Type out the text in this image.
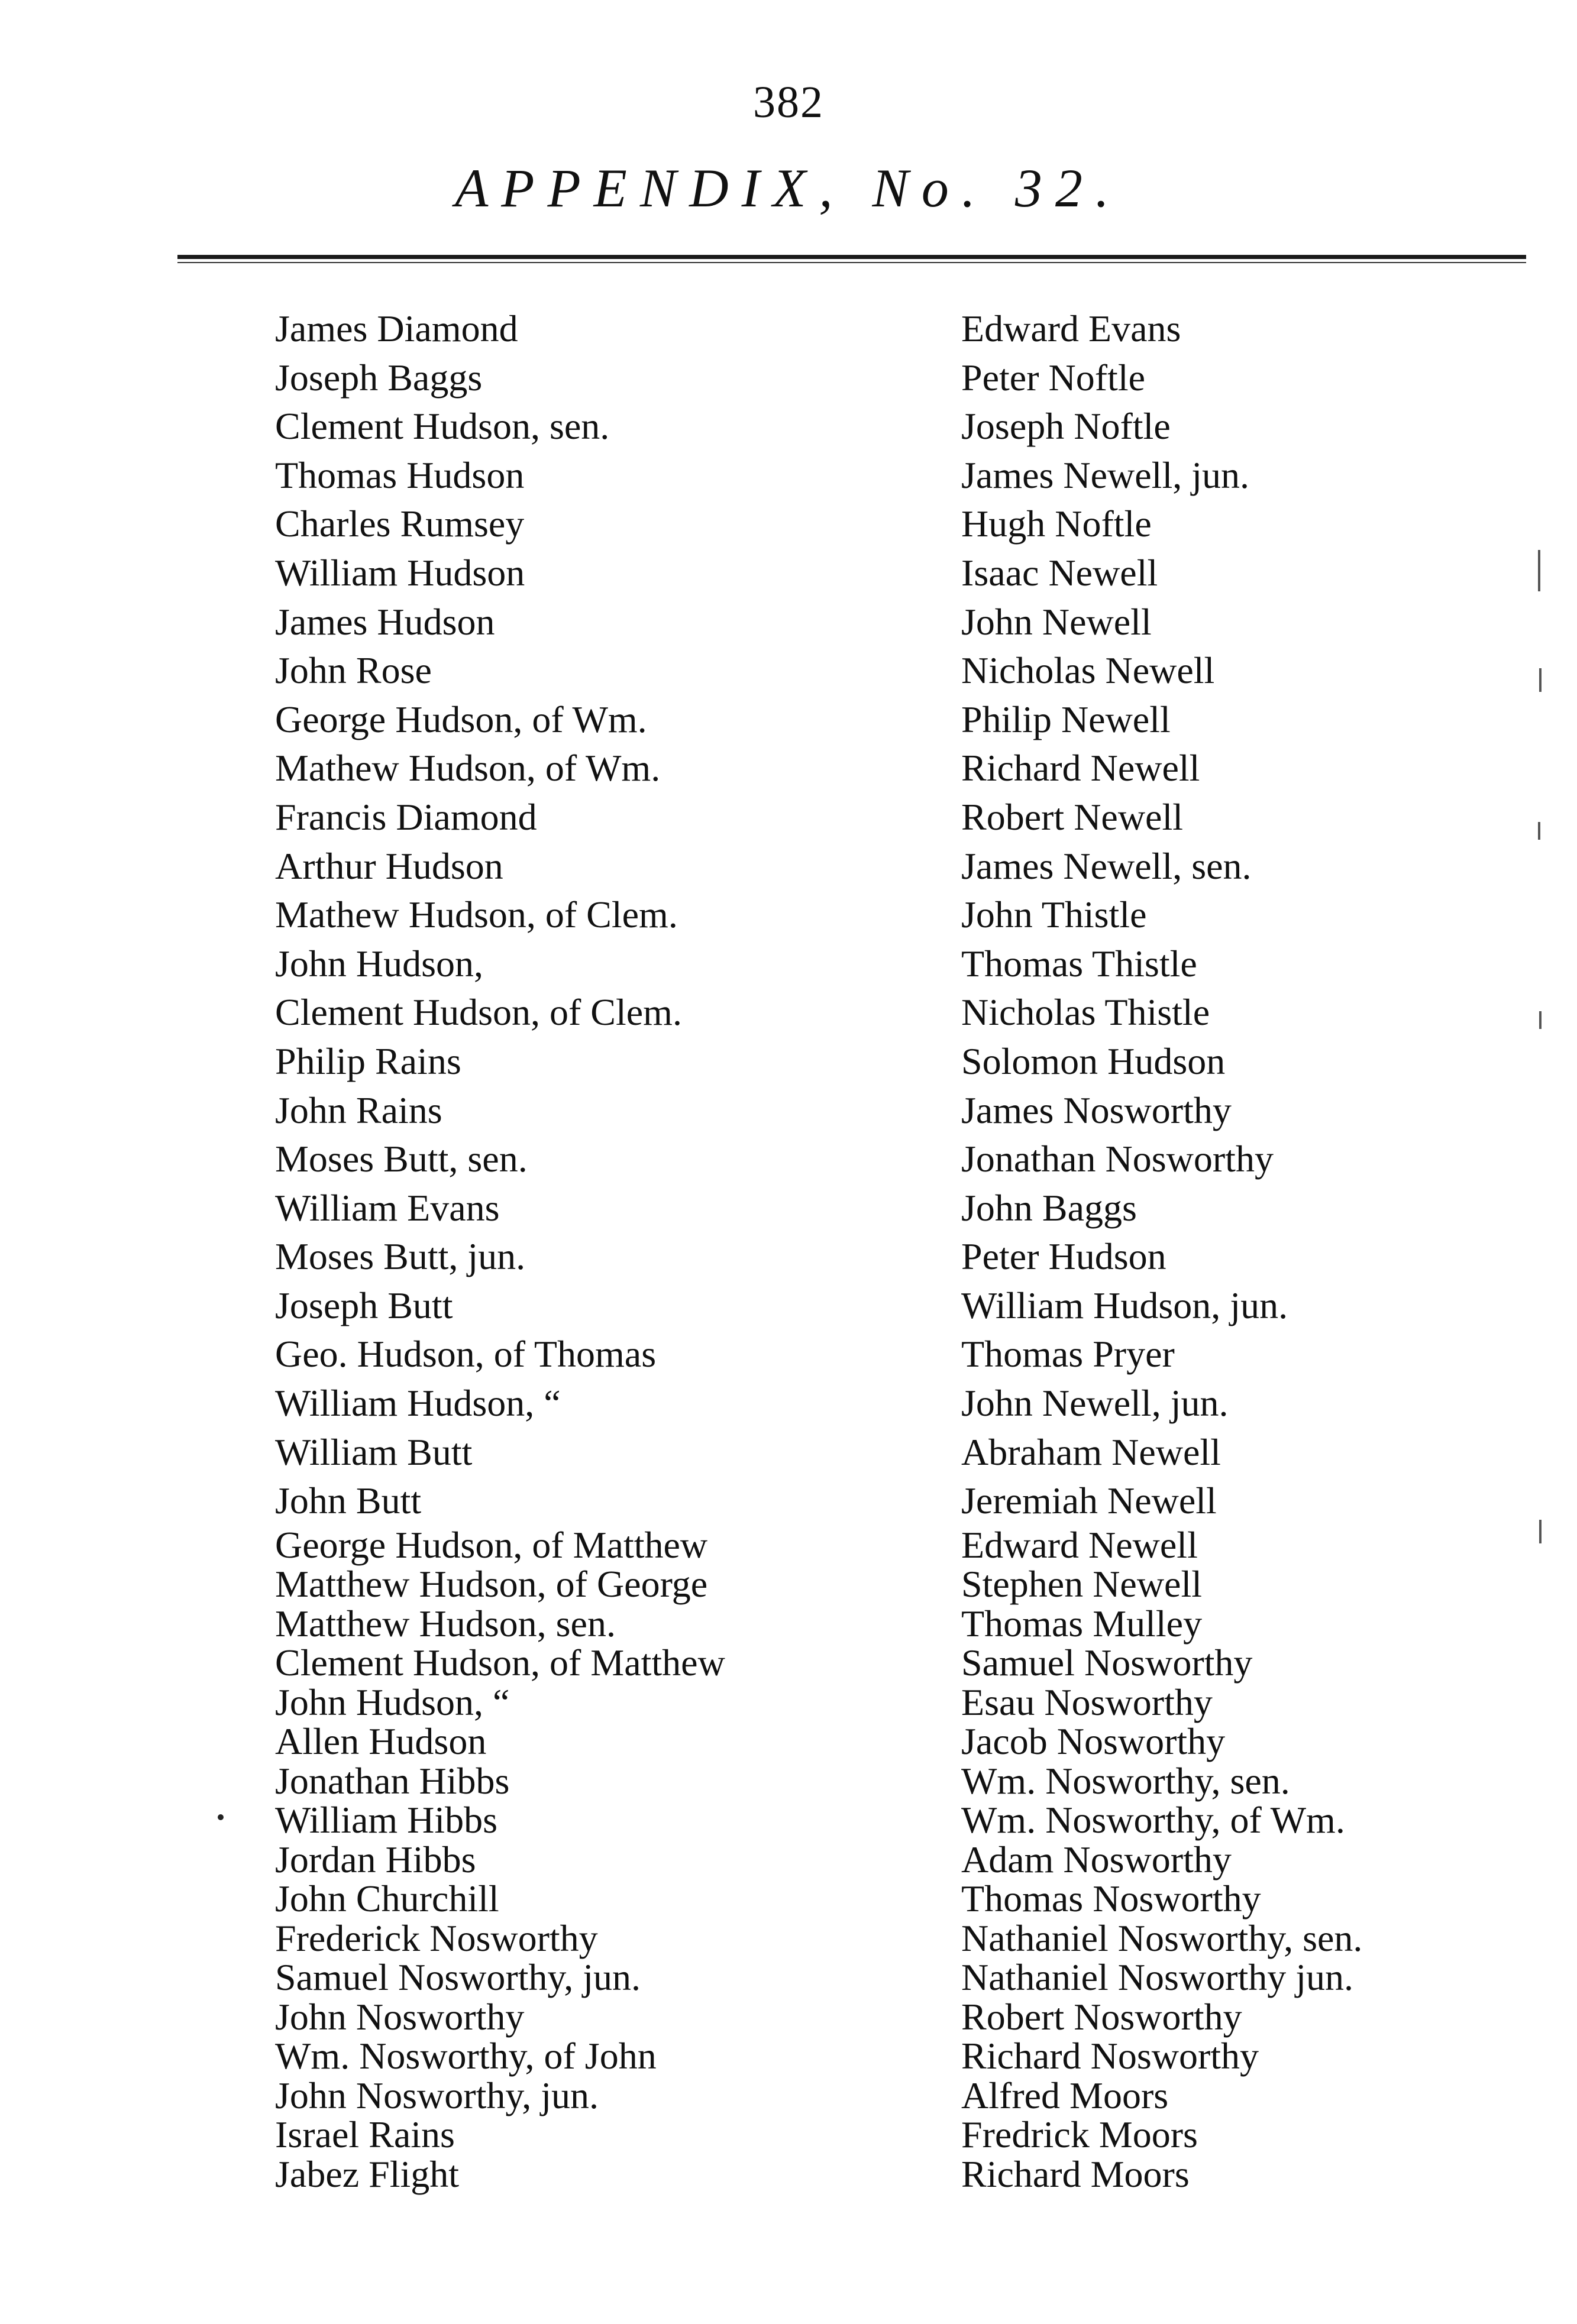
382
APPENDIX, No. 32.
James Diamond
Joseph Baggs
Clement Hudson, sen.
Thomas Hudson
Charles Rumsey
William Hudson
James Hudson
John Rose
George Hudson, of Wm.
Mathew Hudson, of Wm.
Francis Diamond
Arthur Hudson
Mathew Hudson, of Clem.
John Hudson,
Clement Hudson, of Clem.
Philip Rains
John Rains
Moses Butt, sen.
William Evans
Moses Butt, jun.
Joseph Butt
Geo. Hudson, of Thomas
William Hudson, “
William Butt
John Butt
George Hudson, of Matthew
Matthew Hudson, of George
Matthew Hudson, sen.
Clement Hudson, of Matthew
John Hudson, “
Allen Hudson
Jonathan Hibbs
William Hibbs
Jordan Hibbs
John Churchill
Frederick Nosworthy
Samuel Nosworthy, jun.
John Nosworthy
Wm. Nosworthy, of John
John Nosworthy, jun.
Israel Rains
Jabez Flight
Edward Evans
Peter Noftle
Joseph Noftle
James Newell, jun.
Hugh Noftle
Isaac Newell
John Newell
Nicholas Newell
Philip Newell
Richard Newell
Robert Newell
James Newell, sen.
John Thistle
Thomas Thistle
Nicholas Thistle
Solomon Hudson
James Nosworthy
Jonathan Nosworthy
John Baggs
Peter Hudson
William Hudson, jun.
Thomas Pryer
John Newell, jun.
Abraham Newell
Jeremiah Newell
Edward Newell
Stephen Newell
Thomas Mulley
Samuel Nosworthy
Esau Nosworthy
Jacob Nosworthy
Wm. Nosworthy, sen.
Wm. Nosworthy, of Wm.
Adam Nosworthy
Thomas Nosworthy
Nathaniel Nosworthy, sen.
Nathaniel Nosworthy jun.
Robert Nosworthy
Richard Nosworthy
Alfred Moors
Fredrick Moors
Richard Moors
